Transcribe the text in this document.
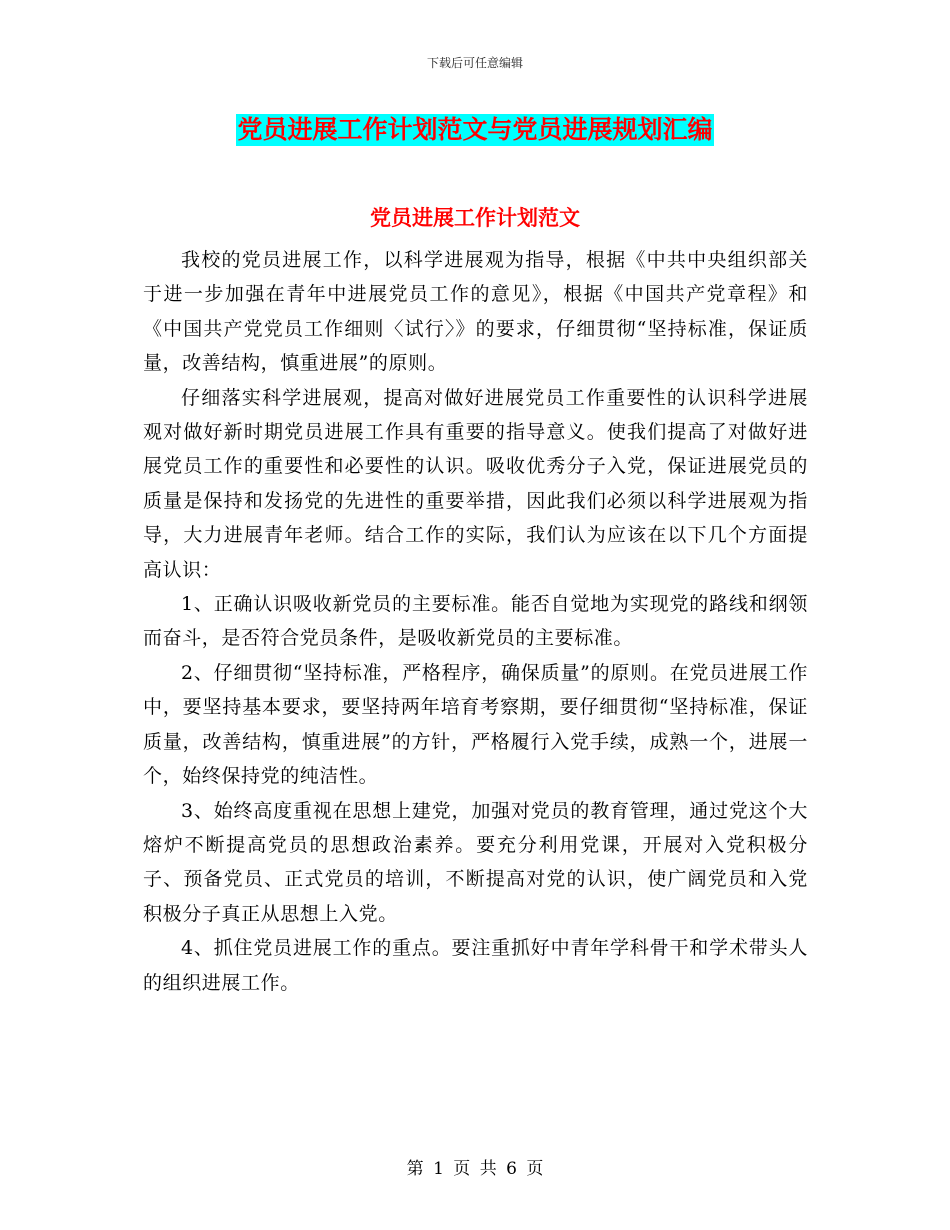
下载后可任意编辑
党员进展工作计划范文与党员进展规划汇编
党员进展工作计划范文

我校的党员进展工作，以科学进展观为指导，根据《中共中央组织部关于进一步加强在青年中进展党员工作的意见》，根据《中国共产党章程》和《中国共产党党员工作细则〈试行〉》的要求，仔细贯彻“坚持标准，保证质量，改善结构，慎重进展”的原则。

仔细落实科学进展观，提高对做好进展党员工作重要性的认识科学进展观对做好新时期党员进展工作具有重要的指导意义。使我们提高了对做好进展党员工作的重要性和必要性的认识。吸收优秀分子入党，保证进展党员的质量是保持和发扬党的先进性的重要举措，因此我们必须以科学进展观为指导，大力进展青年老师。结合工作的实际，我们认为应该在以下几个方面提高认识：

1、正确认识吸收新党员的主要标准。能否自觉地为实现党的路线和纲领而奋斗，是否符合党员条件，是吸收新党员的主要标准。

2、仔细贯彻“坚持标准，严格程序，确保质量”的原则。在党员进展工作中，要坚持基本要求，要坚持两年培育考察期，要仔细贯彻“坚持标准，保证质量，改善结构，慎重进展”的方针，严格履行入党手续，成熟一个，进展一个，始终保持党的纯洁性。

3、始终高度重视在思想上建党，加强对党员的教育管理，通过党这个大熔炉不断提高党员的思想政治素养。要充分利用党课，开展对入党积极分子、预备党员、正式党员的培训，不断提高对党的认识，使广阔党员和入党积极分子真正从思想上入党。

4、抓住党员进展工作的重点。要注重抓好中青年学科骨干和学术带头人的组织进展工作。

第 1 页 共 6 页
